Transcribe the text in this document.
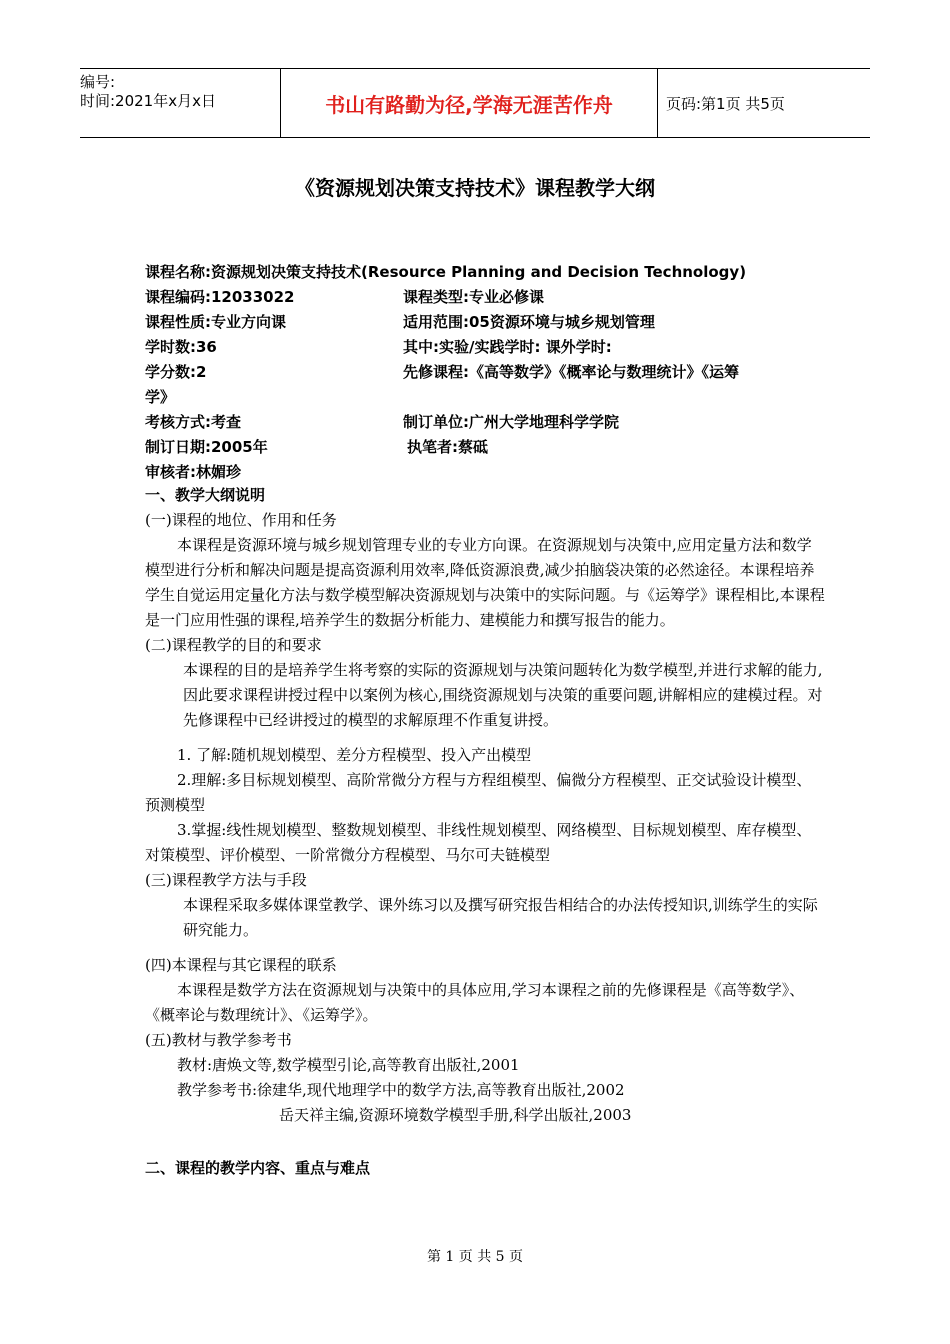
编号:
时间:2021年x月x日	书山有路勤为径,学海无涯苦作舟	页码:第1页 共5页
《资源规划决策支持技术》课程教学大纲
课程名称:资源规划决策支持技术(Resource Planning and Decision Technology)
课程编码:12033022	课程类型:专业必修课
课程性质:专业方向课	适用范围:05资源环境与城乡规划管理
学时数:36	其中:实验/实践学时: 课外学时:
学分数:2	先修课程:《高等数学》《概率论与数理统计》《运筹
学》
考核方式:考查	制订单位:广州大学地理科学学院
制订日期:2005年	执笔者:蔡砥
审核者:林媚珍

一、教学大纲说明

(一)课程的地位、作用和任务

本课程是资源环境与城乡规划管理专业的专业方向课。在资源规划与决策中,应用定量方法和数学模型进行分析和解决问题是提高资源利用效率,降低资源浪费,减少拍脑袋决策的必然途径。本课程培养学生自觉运用定量化方法与数学模型解决资源规划与决策中的实际问题。与《运筹学》课程相比,本课程是一门应用性强的课程,培养学生的数据分析能力、建模能力和撰写报告的能力。

(二)课程教学的目的和要求

本课程的目的是培养学生将考察的实际的资源规划与决策问题转化为数学模型,并进行求解的能力,因此要求课程讲授过程中以案例为核心,围绕资源规划与决策的重要问题,讲解相应的建模过程。对先修课程中已经讲授过的模型的求解原理不作重复讲授。

1. 了解:随机规划模型、差分方程模型、投入产出模型

2.理解:多目标规划模型、高阶常微分方程与方程组模型、偏微分方程模型、正交试验设计模型、预测模型

3.掌握:线性规划模型、整数规划模型、非线性规划模型、网络模型、目标规划模型、库存模型、对策模型、评价模型、一阶常微分方程模型、马尔可夫链模型

(三)课程教学方法与手段

本课程采取多媒体课堂教学、课外练习以及撰写研究报告相结合的办法传授知识,训练学生的实际研究能力。

(四)本课程与其它课程的联系

本课程是数学方法在资源规划与决策中的具体应用,学习本课程之前的先修课程是《高等数学》、《概率论与数理统计》、《运筹学》。

(五)教材与教学参考书

教材:唐焕文等,数学模型引论,高等教育出版社,2001

教学参考书:徐建华,现代地理学中的数学方法,高等教育出版社,2002

岳天祥主编,资源环境数学模型手册,科学出版社,2003

二、课程的教学内容、重点与难点

第 1 页 共 5 页
